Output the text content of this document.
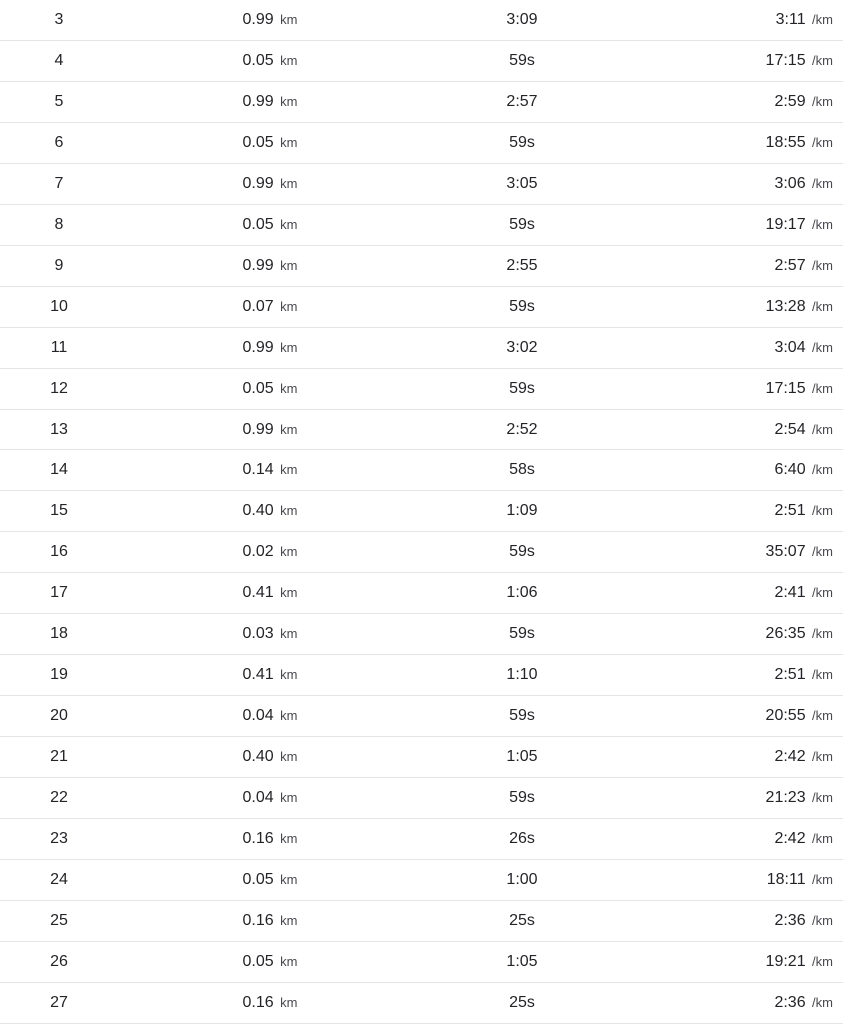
3	0.99 km	3:09	3:11 /km
4	0.05 km	59s	17:15 /km
5	0.99 km	2:57	2:59 /km
6	0.05 km	59s	18:55 /km
7	0.99 km	3:05	3:06 /km
8	0.05 km	59s	19:17 /km
9	0.99 km	2:55	2:57 /km
10	0.07 km	59s	13:28 /km
11	0.99 km	3:02	3:04 /km
12	0.05 km	59s	17:15 /km
13	0.99 km	2:52	2:54 /km
14	0.14 km	58s	6:40 /km
15	0.40 km	1:09	2:51 /km
16	0.02 km	59s	35:07 /km
17	0.41 km	1:06	2:41 /km
18	0.03 km	59s	26:35 /km
19	0.41 km	1:10	2:51 /km
20	0.04 km	59s	20:55 /km
21	0.40 km	1:05	2:42 /km
22	0.04 km	59s	21:23 /km
23	0.16 km	26s	2:42 /km
24	0.05 km	1:00	18:11 /km
25	0.16 km	25s	2:36 /km
26	0.05 km	1:05	19:21 /km
27	0.16 km	25s	2:36 /km
